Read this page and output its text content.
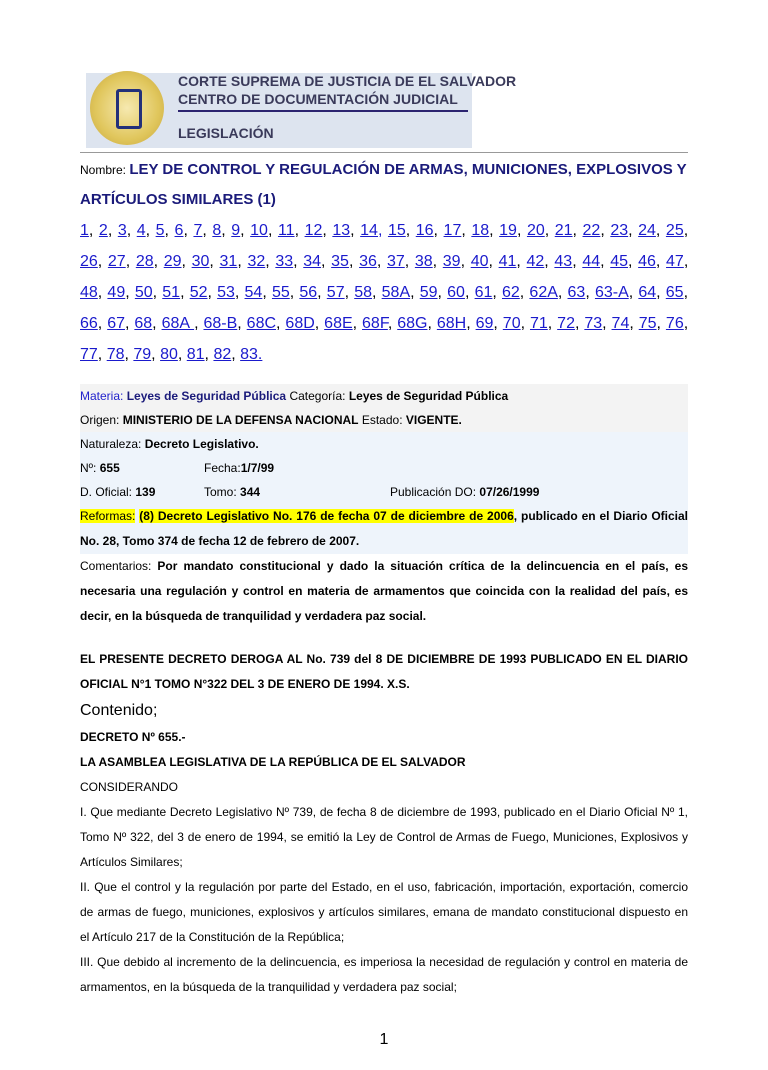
CORTE SUPREMA DE JUSTICIA DE EL SALVADOR
CENTRO DE DOCUMENTACIÓN JUDICIAL
LEGISLACIÓN
Nombre: LEY DE CONTROL Y REGULACIÓN DE ARMAS, MUNICIONES, EXPLOSIVOS Y ARTÍCULOS SIMILARES (1)
1, 2, 3, 4, 5, 6, 7, 8, 9, 10, 11, 12, 13, 14, 15, 16, 17, 18, 19, 20, 21, 22, 23, 24, 25, 26, 27, 28, 29, 30, 31, 32, 33, 34, 35, 36, 37, 38, 39, 40, 41, 42, 43, 44, 45, 46, 47, 48, 49, 50, 51, 52, 53, 54, 55, 56, 57, 58, 58A, 59, 60, 61, 62, 62A, 63, 63-A, 64, 65, 66, 67, 68, 68A , 68-B, 68C, 68D, 68E, 68F, 68G, 68H, 69, 70, 71, 72, 73, 74, 75, 76, 77, 78, 79, 80, 81, 82, 83.
Materia: Leyes de Seguridad Pública Categoría: Leyes de Seguridad Pública
Origen: MINISTERIO DE LA DEFENSA NACIONAL Estado: VIGENTE.
Naturaleza: Decreto Legislativo.
Nº: 655	Fecha:1/7/99
D. Oficial: 139	Tomo: 344	Publicación DO: 07/26/1999
Reformas: (8) Decreto Legislativo No. 176 de fecha 07 de diciembre de 2006, publicado en el Diario Oficial No. 28, Tomo 374 de fecha 12 de febrero de 2007.
Comentarios: Por mandato constitucional y dado la situación crítica de la delincuencia en el país, es necesaria una regulación y control en materia de armamentos que coincida con la realidad del país, es decir, en la búsqueda de tranquilidad y verdadera paz social.
EL PRESENTE DECRETO DEROGA AL No. 739 del 8 DE DICIEMBRE DE 1993 PUBLICADO EN EL DIARIO OFICIAL N°1 TOMO N°322 DEL 3 DE ENERO DE 1994. X.S.
Contenido;
DECRETO Nº 655.-
LA ASAMBLEA LEGISLATIVA DE LA REPÚBLICA DE EL SALVADOR
CONSIDERANDO
I. Que mediante Decreto Legislativo Nº 739, de fecha 8 de diciembre de 1993, publicado en el Diario Oficial Nº 1, Tomo Nº 322, del 3 de enero de 1994, se emitió la Ley de Control de Armas de Fuego, Municiones, Explosivos y Artículos Similares;
II. Que el control y la regulación por parte del Estado, en el uso, fabricación, importación, exportación, comercio de armas de fuego, municiones, explosivos y artículos similares, emana de mandato constitucional dispuesto en el Artículo 217 de la Constitución de la República;
III. Que debido al incremento de la delincuencia, es imperiosa la necesidad de regulación y control en materia de armamentos, en la búsqueda de la tranquilidad y verdadera paz social;
1
